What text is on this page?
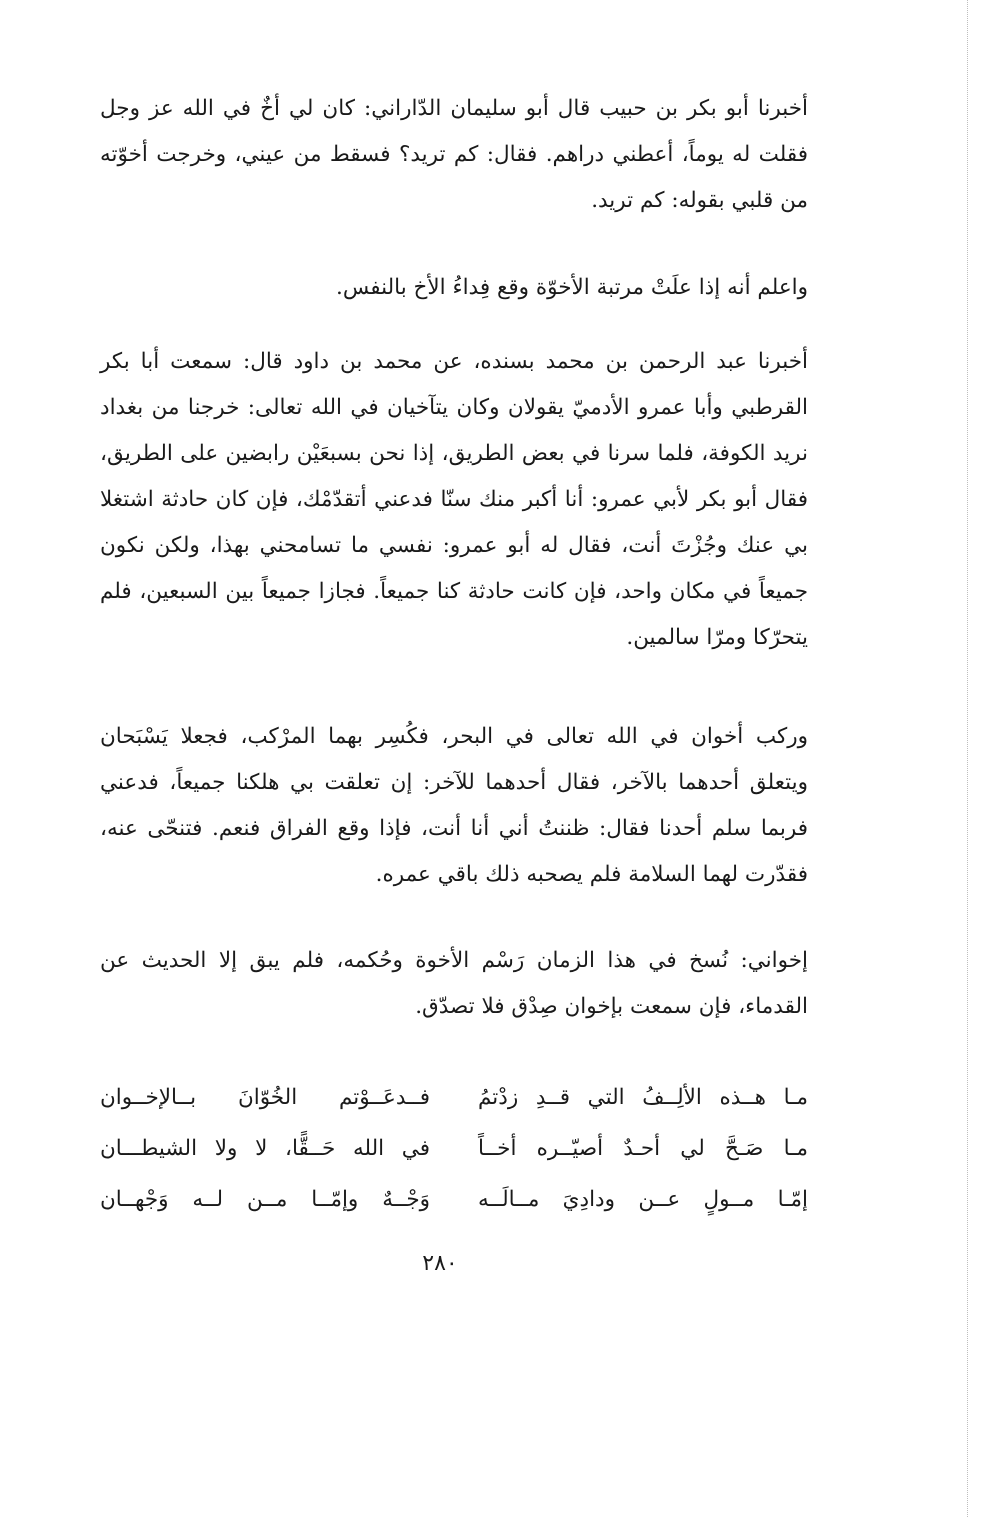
أخبرنا أبو بكر بن حبيب قال أبو سليمان الدّاراني: كان لي أخٌ في الله عز وجل فقلت له يوماً، أعطني دراهم. فقال: كم تريد؟ فسقط من عيني، وخرجت أخوّته من قلبي بقوله: كم تريد.

واعلم أنه إذا علَتْ مرتبة الأخوّة وقع فِداءُ الأخ بالنفس.

أخبرنا عبد الرحمن بن محمد بسنده، عن محمد بن داود قال: سمعت أبا بكر القرطبي وأبا عمرو الأدميّ يقولان وكان يتآخيان في الله تعالى: خرجنا من بغداد نريد الكوفة، فلما سرنا في بعض الطريق، إذا نحن بسبعَيْن رابضين على الطريق، فقال أبو بكر لأبي عمرو: أنا أكبر منك سنّا فدعني أتقدّمْك، فإن كان حادثة اشتغلا بي عنك وجُزْتَ أنت، فقال له أبو عمرو: نفسي ما تسامحني بهذا، ولكن نكون جميعاً في مكان واحد، فإن كانت حادثة كنا جميعاً. فجازا جميعاً بين السبعين، فلم يتحرّكا ومرّا سالمين.

وركب أخوان في الله تعالى في البحر، فكُسِر بهما المرْكب، فجعلا يَسْبَحان ويتعلق أحدهما بالآخر، فقال أحدهما للآخر: إن تعلقت بي هلكنا جميعاً، فدعني فربما سلم أحدنا فقال: ظننتُ أني أنا أنت، فإذا وقع الفراق فنعم. فتنحّى عنه، فقدّرت لهما السلامة فلم يصحبه ذلك باقي عمره.

إخواني: نُسخ في هذا الزمان رَسْم الأخوة وحُكمه، فلم يبق إلا الحديث عن القدماء، فإن سمعت بإخوان صِدْق فلا تصدّق.

مـا هــذه الألِــفُ التي قــدِ زدْتمُ
فــدعَــوْتم الخُوّانَ بــالإخــوان
مـا صَـحَّ لي أحـدٌ أصيّــره أخــاً
في الله حَــقًّا، لا ولا الشيطـــان
إمّـا مــولٍ عــن ودادِيَ مــالَــه
وَجْــهٌ وإمّــا مــن لــه وَجْهــان
٢٨٠
